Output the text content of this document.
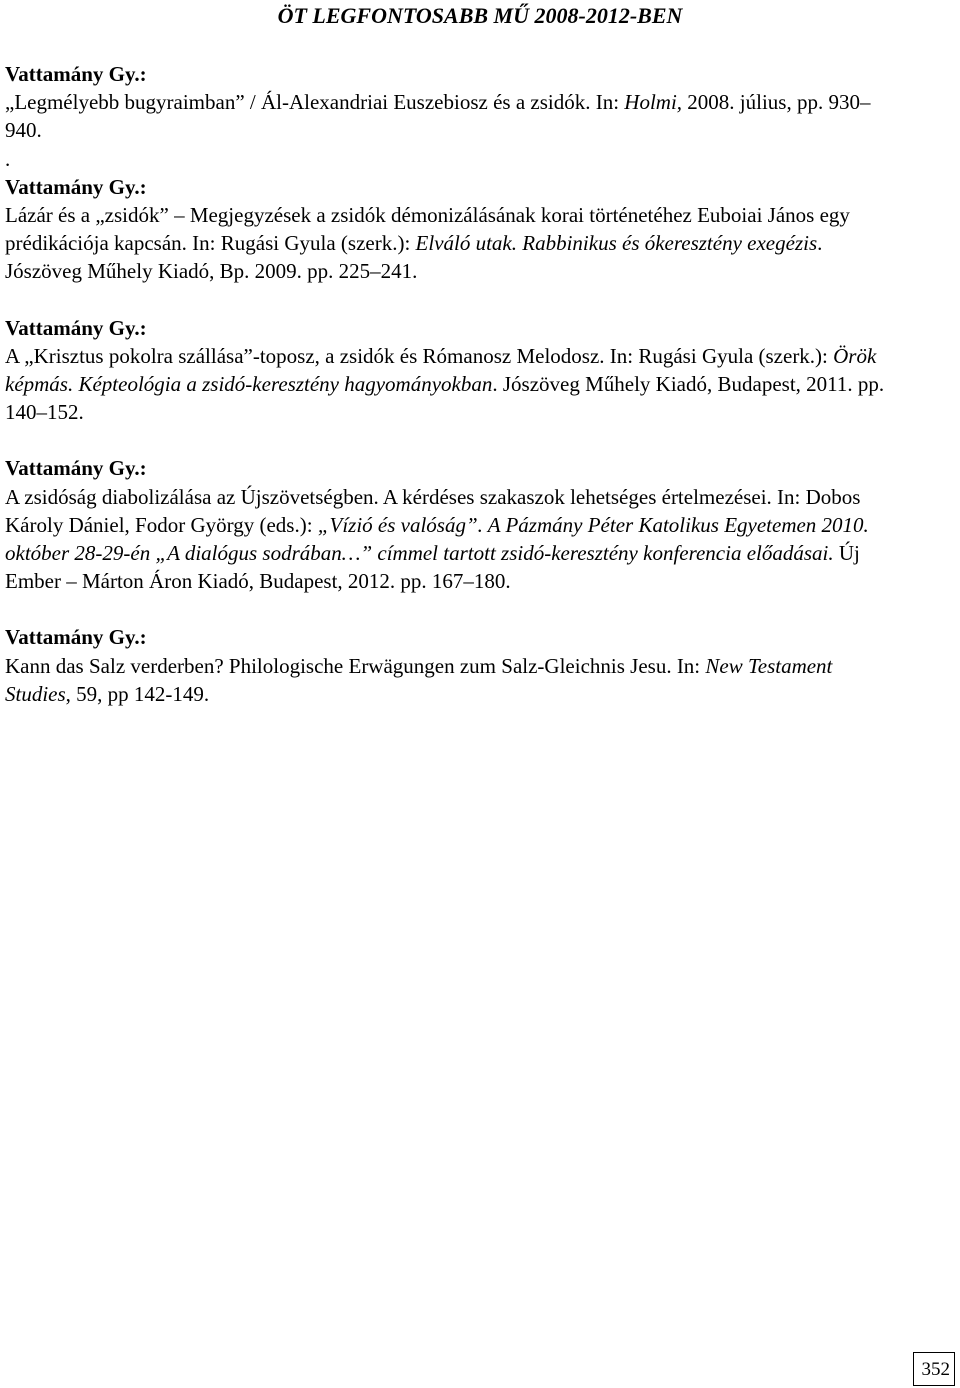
ÖT LEGFONTOSABB MŰ 2008-2012-BEN
Vattamány Gy.:
„Legmélyebb bugyraimban” / Ál-Alexandriai Euszebiosz és a zsidók. In: Holmi, 2008. július, pp. 930–940.
.
Vattamány Gy.:
Lázár és a „zsidók” – Megjegyzések a zsidók démonizálásának korai történetéhez Euboiai János egy prédikációja kapcsán. In: Rugási Gyula (szerk.): Elváló utak. Rabbinikus és ókeresztény exegézis. Jószöveg Műhely Kiadó, Bp. 2009. pp. 225–241.
Vattamány Gy.:
A „Krisztus pokolra szállása”-toposz, a zsidók és Rómanosz Melodosz. In: Rugási Gyula (szerk.): Örök képmás. Képteológia a zsidó-keresztény hagyományokban. Jószöveg Műhely Kiadó, Budapest, 2011. pp. 140–152.
Vattamány Gy.:
A zsidóság diabolizálása az Újszövetségben. A kérdéses szakaszok lehetséges értelmezései. In: Dobos Károly Dániel, Fodor György (eds.): „Vízió és valóság”. A Pázmány Péter Katolikus Egyetemen 2010. október 28-29-én „A dialógus sodrában…” címmel tartott zsidó-keresztény konferencia előadásai. Új Ember – Márton Áron Kiadó, Budapest, 2012. pp. 167–180.
Vattamány Gy.:
Kann das Salz verderben? Philologische Erwägungen zum Salz-Gleichnis Jesu. In: New Testament Studies, 59, pp 142-149.
352
